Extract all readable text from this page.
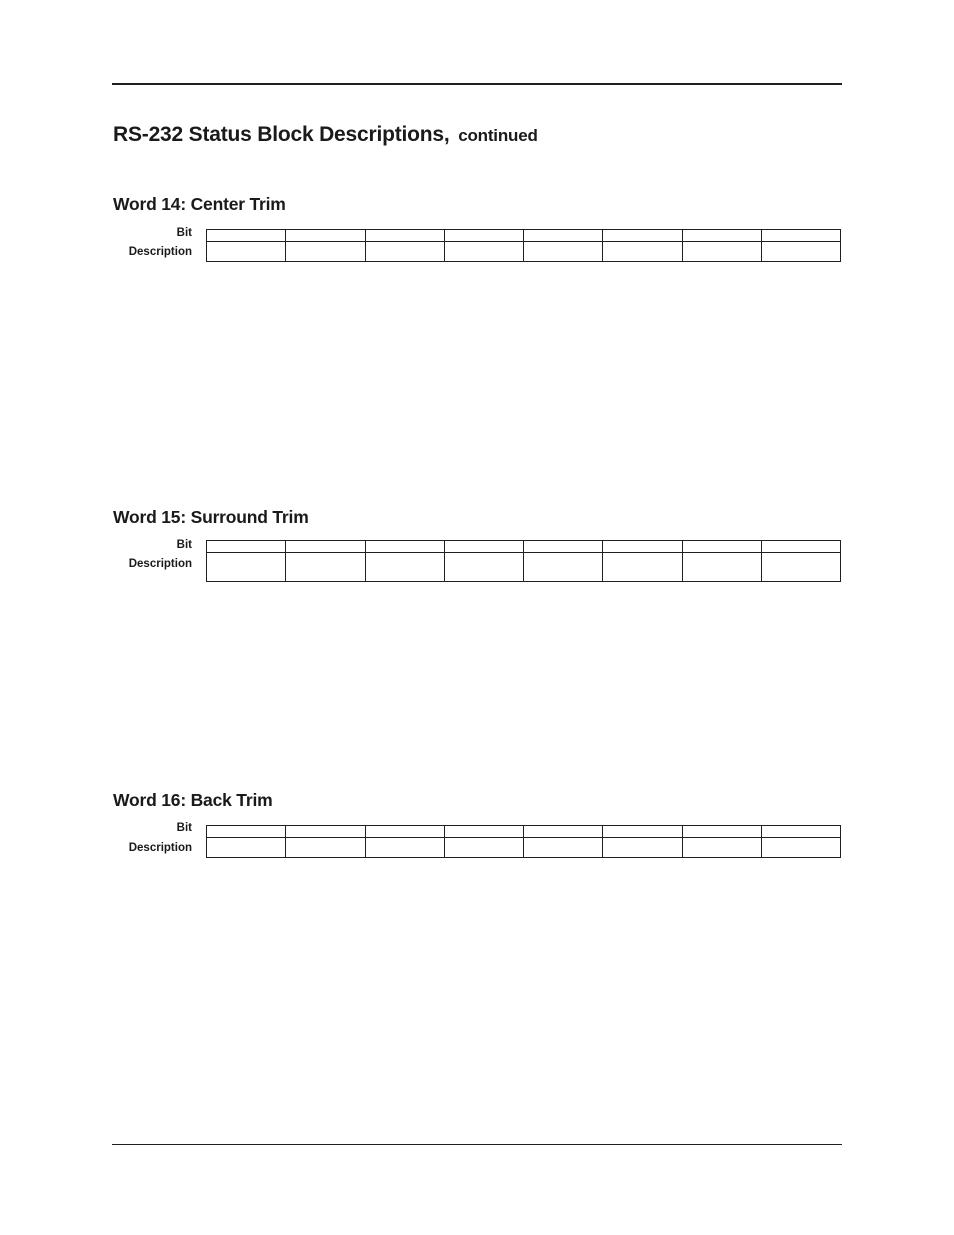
RS-232 Status Block Descriptions, continued
Word 14: Center Trim
Bit
Description

Word 15: Surround Trim
Bit
Description

Word 16: Back Trim
Bit
Description
